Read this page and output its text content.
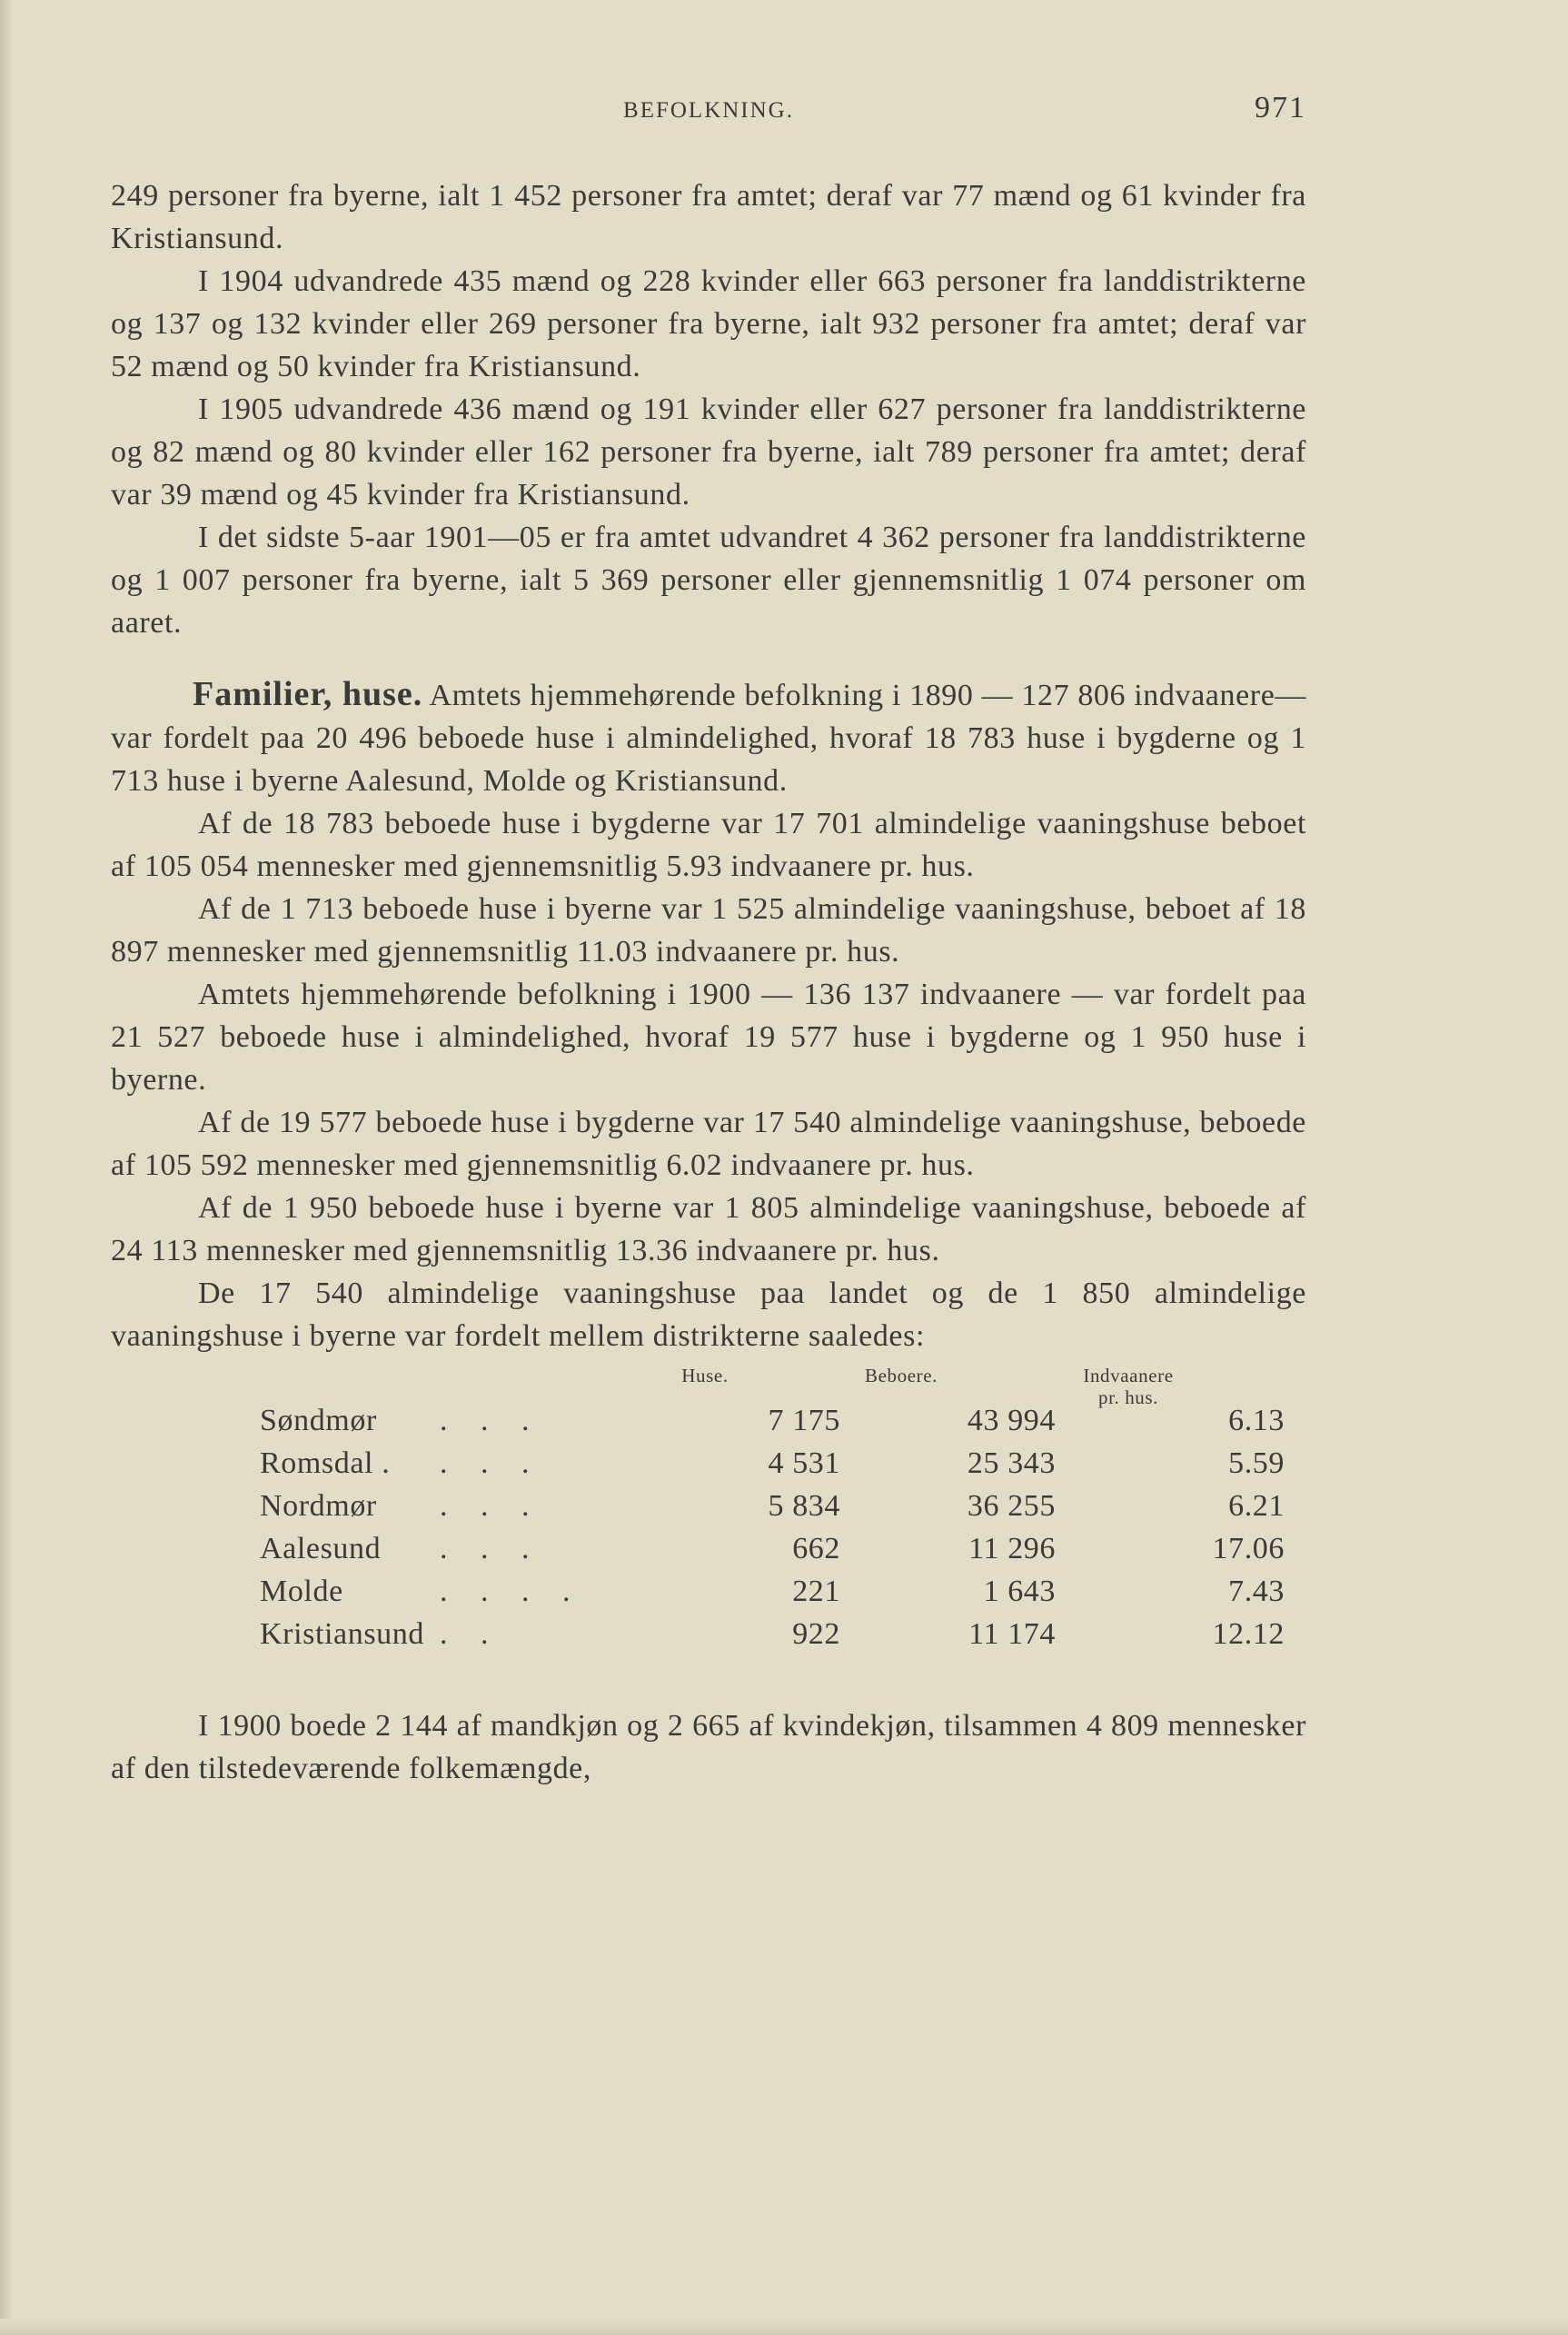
BEFOLKNING.	971

249 personer fra byerne, ialt 1 452 personer fra amtet; deraf var 77 mænd og 61 kvinder fra Kristiansund.

I 1904 udvandrede 435 mænd og 228 kvinder eller 663 personer fra landdistrikterne og 137 og 132 kvinder eller 269 personer fra byerne, ialt 932 personer fra amtet; deraf var 52 mænd og 50 kvinder fra Kristiansund.

I 1905 udvandrede 436 mænd og 191 kvinder eller 627 personer fra landdistrikterne og 82 mænd og 80 kvinder eller 162 personer fra byerne, ialt 789 personer fra amtet; deraf var 39 mænd og 45 kvinder fra Kristiansund.

I det sidste 5-aar 1901—05 er fra amtet udvandret 4 362 personer fra landdistrikterne og 1 007 personer fra byerne, ialt 5 369 personer eller gjennemsnitlig 1 074 personer om aaret.

Familier, huse. Amtets hjemmehørende befolkning i 1890 — 127 806 indvaanere— var fordelt paa 20 496 beboede huse i almindelighed, hvoraf 18 783 huse i bygderne og 1 713 huse i byerne Aalesund, Molde og Kristiansund.

Af de 18 783 beboede huse i bygderne var 17 701 almindelige vaaningshuse beboet af 105 054 mennesker med gjennemsnitlig 5.93 indvaanere pr. hus.

Af de 1 713 beboede huse i byerne var 1 525 almindelige vaaningshuse, beboet af 18 897 mennesker med gjennemsnitlig 11.03 indvaanere pr. hus.

Amtets hjemmehørende befolkning i 1900 — 136 137 indvaanere — var fordelt paa 21 527 beboede huse i almindelighed, hvoraf 19 577 huse i bygderne og 1 950 huse i byerne.

Af de 19 577 beboede huse i bygderne var 17 540 almindelige vaaningshuse, beboede af 105 592 mennesker med gjennemsnitlig 6.02 indvaanere pr. hus.

Af de 1 950 beboede huse i byerne var 1 805 almindelige vaaningshuse, beboede af 24 113 mennesker med gjennemsnitlig 13.36 indvaanere pr. hus.

De 17 540 almindelige vaaningshuse paa landet og de 1 850 almindelige vaaningshuse i byerne var fordelt mellem distrikterne saaledes:

Huse.	Beboere.	Indvaanere
pr. hus.
Søndmør . . .	7 175	43 994	6.13
Romsdal . . . .	4 531	25 343	5.59
Nordmør . . .	5 834	36 255	6.21
Aalesund . . .	662	11 296	17.06
Molde	. . . .	221	1 643	7.43
Kristiansund . .	922	11 174	12.12

I 1900 boede 2 144 af mandkjøn og 2 665 af kvindekjøn, tilsammen 4 809 mennesker af den tilstedeværende folkemængde,
